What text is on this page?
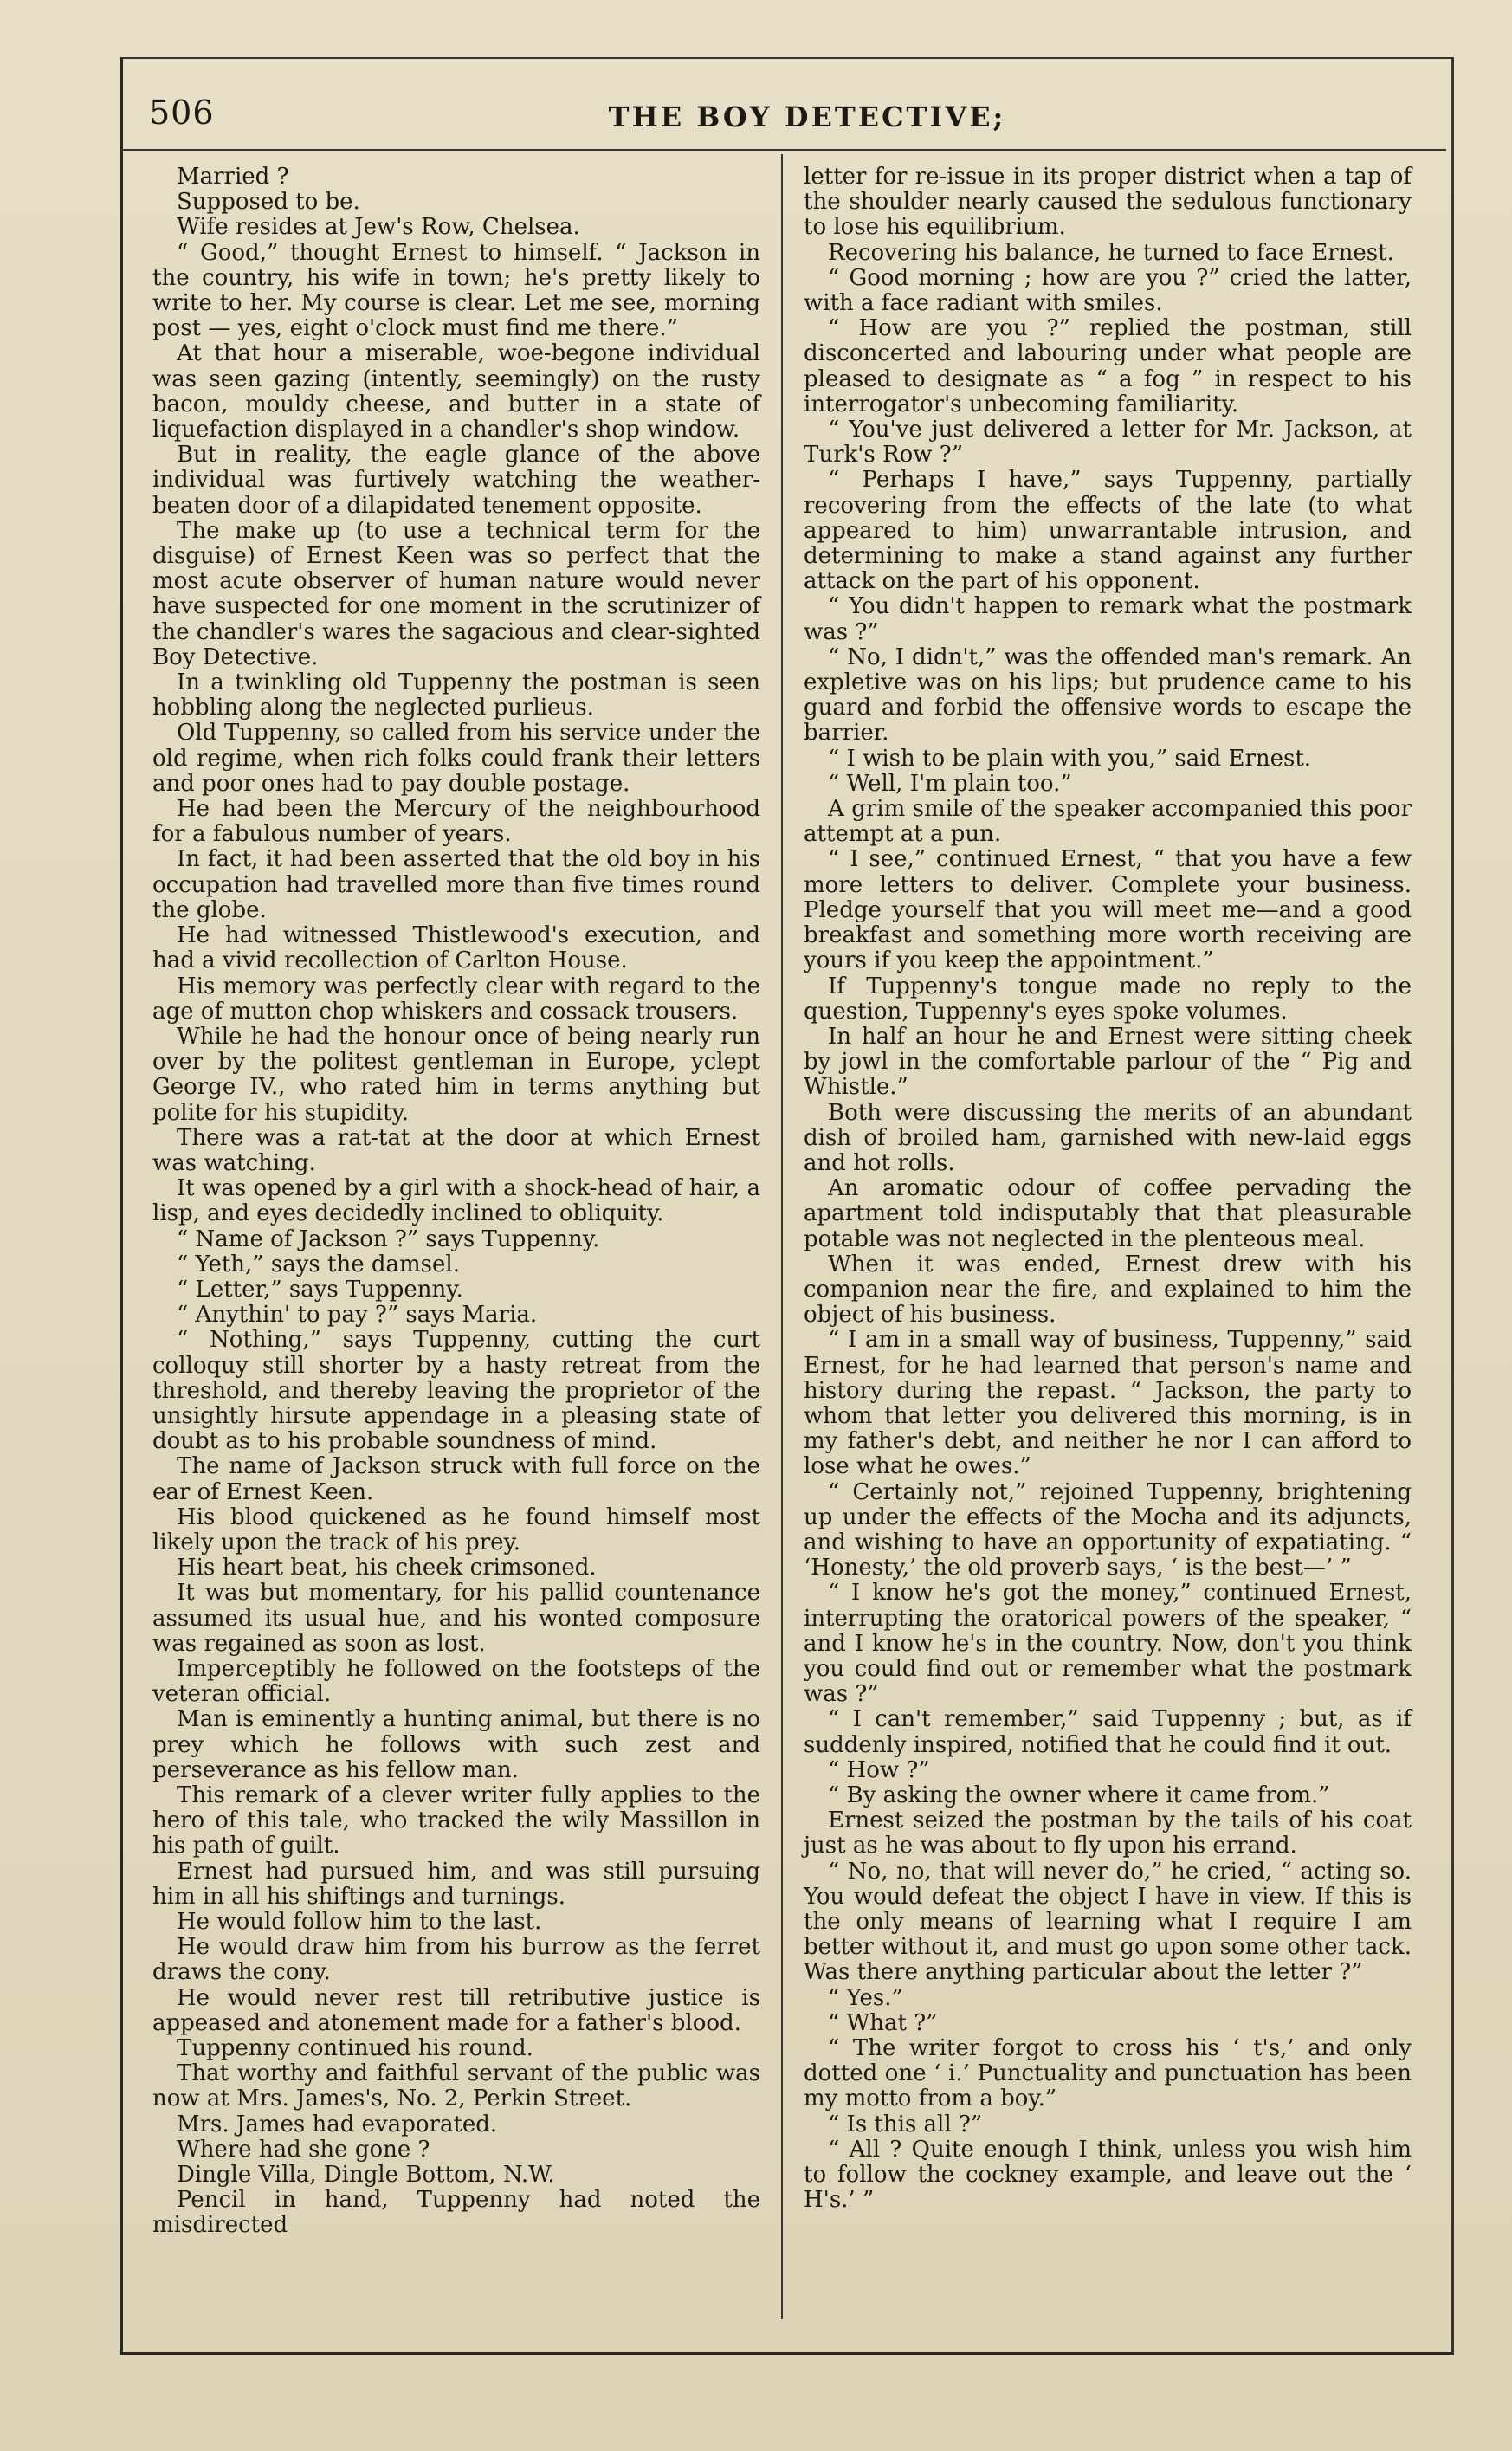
506	THE BOY DETECTIVE;

Married ?

Supposed to be.

Wife resides at Jew's Row, Chelsea.

“ Good,” thought Ernest to himself. “ Jackson in the country, his wife in town; he's pretty likely to write to her. My course is clear. Let me see, morning post — yes, eight o'clock must find me there.”

At that hour a miserable, woe-begone individual was seen gazing (intently, seemingly) on the rusty bacon, mouldy cheese, and butter in a state of liquefaction displayed in a chandler's shop window.

But in reality, the eagle glance of the above individual was furtively watching the weather-beaten door of a dilapidated tenement opposite.

The make up (to use a technical term for the disguise) of Ernest Keen was so perfect that the most acute observer of human nature would never have suspected for one moment in the scrutinizer of the chandler's wares the sagacious and clear-sighted Boy Detective.

In a twinkling old Tuppenny the postman is seen hobbling along the neglected purlieus.

Old Tuppenny, so called from his service under the old regime, when rich folks could frank their letters and poor ones had to pay double postage.

He had been the Mercury of the neighbourhood for a fabulous number of years.

In fact, it had been asserted that the old boy in his occupation had travelled more than five times round the globe.

He had witnessed Thistlewood's execution, and had a vivid recollection of Carlton House.

His memory was perfectly clear with regard to the age of mutton chop whiskers and cossack trousers.

While he had the honour once of being nearly run over by the politest gentleman in Europe, yclept George IV., who rated him in terms anything but polite for his stupidity.

There was a rat-tat at the door at which Ernest was watching.

It was opened by a girl with a shock-head of hair, a lisp, and eyes decidedly inclined to obliquity.

“ Name of Jackson ?” says Tuppenny.

“ Yeth,” says the damsel.

“ Letter,” says Tuppenny.

“ Anythin' to pay ?” says Maria.

“ Nothing,” says Tuppenny, cutting the curt colloquy still shorter by a hasty retreat from the threshold, and thereby leaving the proprietor of the unsightly hirsute appendage in a pleasing state of doubt as to his probable soundness of mind.

The name of Jackson struck with full force on the ear of Ernest Keen.

His blood quickened as he found himself most likely upon the track of his prey.

His heart beat, his cheek crimsoned.

It was but momentary, for his pallid countenance assumed its usual hue, and his wonted composure was regained as soon as lost.

Imperceptibly he followed on the footsteps of the veteran official.

Man is eminently a hunting animal, but there is no prey which he follows with such zest and perseverance as his fellow man.

This remark of a clever writer fully applies to the hero of this tale, who tracked the wily Massillon in his path of guilt.

Ernest had pursued him, and was still pursuing him in all his shiftings and turnings.

He would follow him to the last.

He would draw him from his burrow as the ferret draws the cony.

He would never rest till retributive justice is appeased and atonement made for a father's blood.

Tuppenny continued his round.

That worthy and faithful servant of the public was now at Mrs. James's, No. 2, Perkin Street.

Mrs. James had evaporated.

Where had she gone ?

Dingle Villa, Dingle Bottom, N.W.

Pencil in hand, Tuppenny had noted the misdirected

letter for re-issue in its proper district when a tap of the shoulder nearly caused the sedulous functionary to lose his equilibrium.

Recovering his balance, he turned to face Ernest.

“ Good morning ; how are you ?” cried the latter, with a face radiant with smiles.

“ How are you ?” replied the postman, still disconcerted and labouring under what people are pleased to designate as “ a fog ” in respect to his interrogator's unbecoming familiarity.

“ You've just delivered a letter for Mr. Jackson, at Turk's Row ?”

“ Perhaps I have,” says Tuppenny, partially recovering from the effects of the late (to what appeared to him) unwarrantable intrusion, and determining to make a stand against any further attack on the part of his opponent.

“ You didn't happen to remark what the postmark was ?”

“ No, I didn't,” was the offended man's remark. An expletive was on his lips; but prudence came to his guard and forbid the offensive words to escape the barrier.

“ I wish to be plain with you,” said Ernest.

“ Well, I'm plain too.”

A grim smile of the speaker accompanied this poor attempt at a pun.

“ I see,” continued Ernest, “ that you have a few more letters to deliver. Complete your business. Pledge yourself that you will meet me—and a good breakfast and something more worth receiving are yours if you keep the appointment.”

If Tuppenny's tongue made no reply to the question, Tuppenny's eyes spoke volumes.

In half an hour he and Ernest were sitting cheek by jowl in the comfortable parlour of the “ Pig and Whistle.”

Both were discussing the merits of an abundant dish of broiled ham, garnished with new-laid eggs and hot rolls.

An aromatic odour of coffee pervading the apartment told indisputably that that pleasurable potable was not neglected in the plenteous meal.

When it was ended, Ernest drew with his companion near the fire, and explained to him the object of his business.

“ I am in a small way of business, Tuppenny,” said Ernest, for he had learned that person's name and history during the repast. “ Jackson, the party to whom that letter you delivered this morning, is in my father's debt, and neither he nor I can afford to lose what he owes.”

“ Certainly not,” rejoined Tuppenny, brightening up under the effects of the Mocha and its adjuncts, and wishing to have an opportunity of expatiating. “ ‘Honesty,’ the old proverb says, ‘ is the best—’ ”

“ I know he's got the money,” continued Ernest, interrupting the oratorical powers of the speaker, “ and I know he's in the country. Now, don't you think you could find out or remember what the postmark was ?”

“ I can't remember,” said Tuppenny ; but, as if suddenly inspired, notified that he could find it out.

“ How ?”

“ By asking the owner where it came from.”

Ernest seized the postman by the tails of his coat just as he was about to fly upon his errand.

“ No, no, that will never do,” he cried, “ acting so. You would defeat the object I have in view. If this is the only means of learning what I require I am better without it, and must go upon some other tack. Was there anything particular about the letter ?”

“ Yes.”

“ What ?”

“ The writer forgot to cross his ‘ t's,’ and only dotted one ‘ i.’ Punctuality and punctuation has been my motto from a boy.”

“ Is this all ?”

“ All ? Quite enough I think, unless you wish him to follow the cockney example, and leave out the ‘ H's.’ ”
